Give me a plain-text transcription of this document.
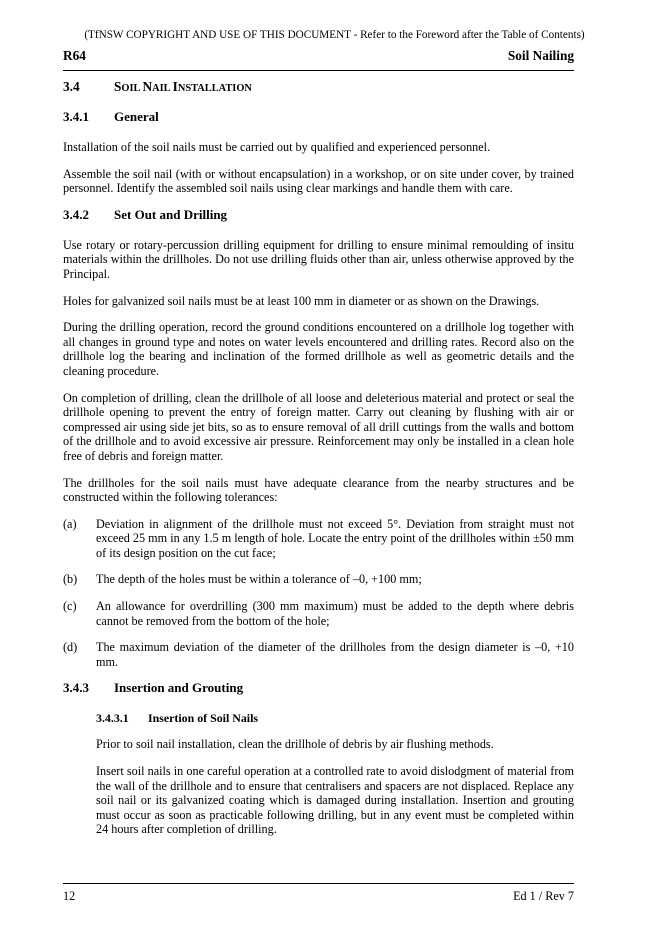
(TfNSW COPYRIGHT AND USE OF THIS DOCUMENT - Refer to the Foreword after the Table of Contents)
R64	Soil Nailing
3.4	SOIL NAIL INSTALLATION
3.4.1 General

Installation of the soil nails must be carried out by qualified and experienced personnel.

Assemble the soil nail (with or without encapsulation) in a workshop, or on site under cover, by trained personnel. Identify the assembled soil nails using clear markings and handle them with care.

3.4.2 Set Out and Drilling

Use rotary or rotary-percussion drilling equipment for drilling to ensure minimal remoulding of insitu materials within the drillholes. Do not use drilling fluids other than air, unless otherwise approved by the Principal.

Holes for galvanized soil nails must be at least 100 mm in diameter or as shown on the Drawings.

During the drilling operation, record the ground conditions encountered on a drillhole log together with all changes in ground type and notes on water levels encountered and drilling rates. Record also on the drillhole log the bearing and inclination of the formed drillhole as well as geometric details and the cleaning procedure.

On completion of drilling, clean the drillhole of all loose and deleterious material and protect or seal the drillhole opening to prevent the entry of foreign matter. Carry out cleaning by flushing with air or compressed air using side jet bits, so as to ensure removal of all drill cuttings from the walls and bottom of the drillhole and to avoid excessive air pressure. Reinforcement may only be installed in a clean hole free of debris and foreign matter.

The drillholes for the soil nails must have adequate clearance from the nearby structures and be constructed within the following tolerances:

(a) Deviation in alignment of the drillhole must not exceed 5°. Deviation from straight must not exceed 25 mm in any 1.5 m length of hole. Locate the entry point of the drillholes within ±50 mm of its design position on the cut face;
(b) The depth of the holes must be within a tolerance of –0, +100 mm;
(c) An allowance for overdrilling (300 mm maximum) must be added to the depth where debris cannot be removed from the bottom of the hole;
(d) The maximum deviation of the diameter of the drillholes from the design diameter is –0, +10 mm.
3.4.3 Insertion and Grouting
3.4.3.1 Insertion of Soil Nails

Prior to soil nail installation, clean the drillhole of debris by air flushing methods.

Insert soil nails in one careful operation at a controlled rate to avoid dislodgment of material from the wall of the drillhole and to ensure that centralisers and spacers are not displaced. Replace any soil nail or its galvanized coating which is damaged during installation. Insertion and grouting must occur as soon as practicable following drilling, but in any event must be completed within 24 hours after completion of drilling.

12	Ed 1 / Rev 7
